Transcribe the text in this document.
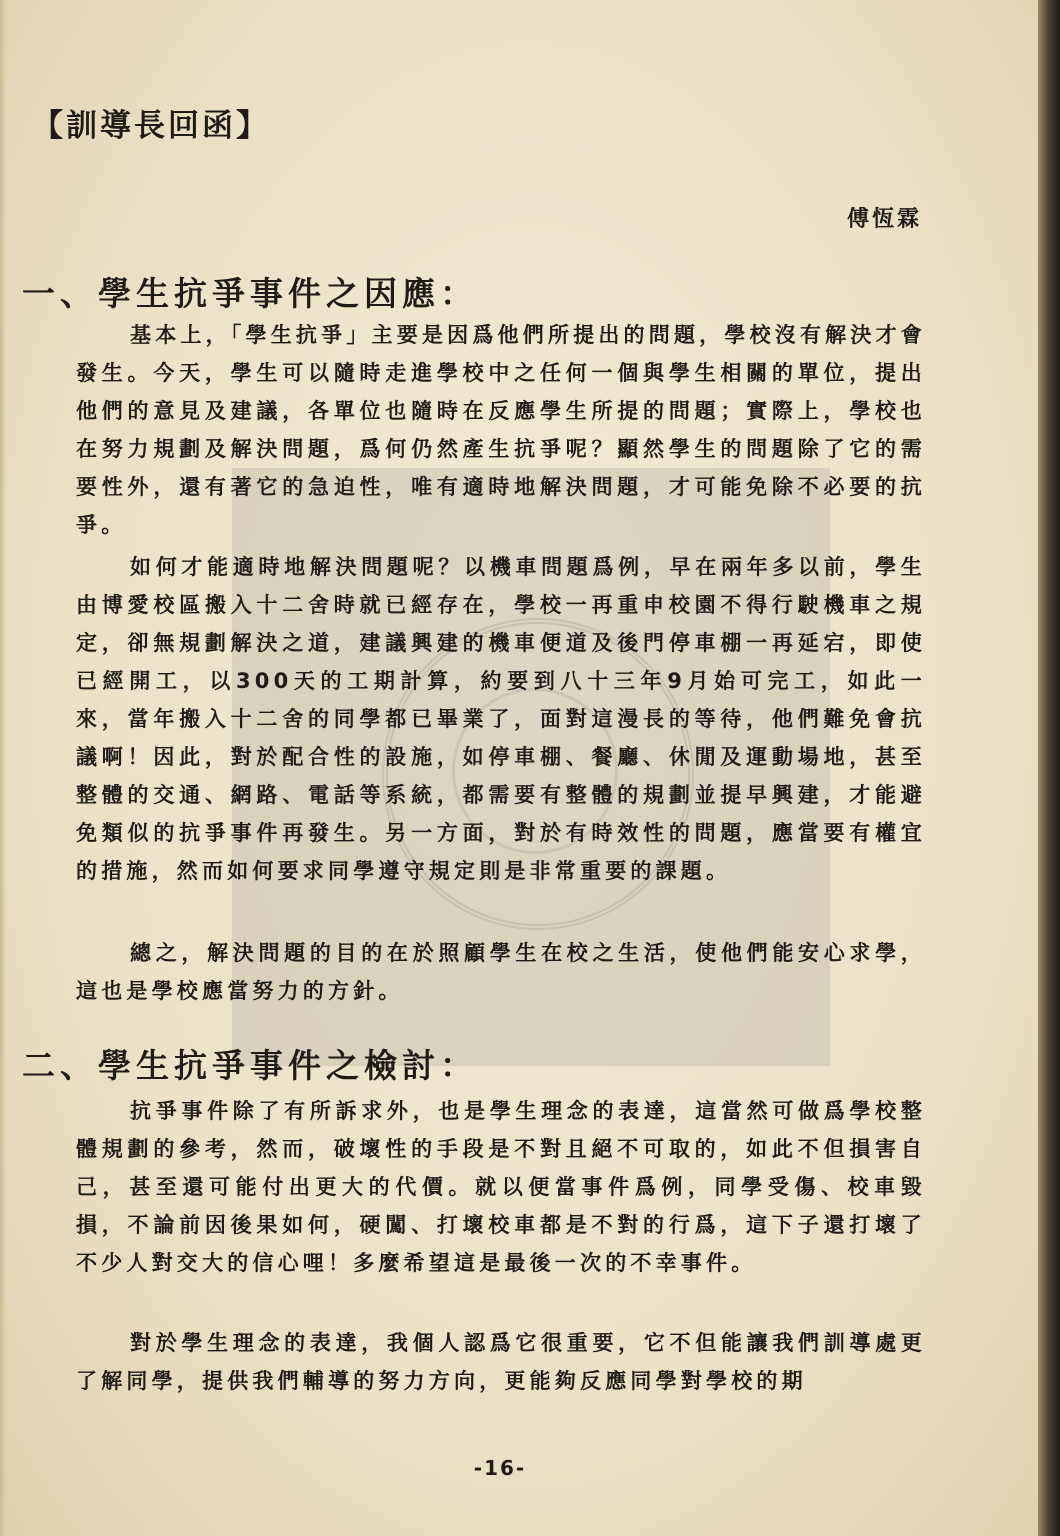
【訓導長回函】
傅恆霖
一、學生抗爭事件之因應：

基本上，「學生抗爭」主要是因爲他們所提出的問題，學校沒有解決才會發生。今天，學生可以隨時走進學校中之任何一個與學生相關的單位，提出他們的意見及建議，各單位也隨時在反應學生所提的問題；實際上，學校也在努力規劃及解決問題，爲何仍然產生抗爭呢？顯然學生的問題除了它的需要性外，還有著它的急迫性，唯有適時地解決問題，才可能免除不必要的抗爭。

如何才能適時地解決問題呢？以機車問題爲例，早在兩年多以前，學生由博愛校區搬入十二舍時就已經存在，學校一再重申校園不得行駛機車之規定，卻無規劃解決之道，建議興建的機車便道及後門停車棚一再延宕，即使已經開工，以300天的工期計算，約要到八十三年9月始可完工，如此一來，當年搬入十二舍的同學都已畢業了，面對這漫長的等待，他們難免會抗議啊！因此，對於配合性的設施，如停車棚、餐廳、休閒及運動場地，甚至整體的交通、網路、電話等系統，都需要有整體的規劃並提早興建，才能避免類似的抗爭事件再發生。另一方面，對於有時效性的問題，應當要有權宜的措施，然而如何要求同學遵守規定則是非常重要的課題。

總之，解決問題的目的在於照顧學生在校之生活，使他們能安心求學，這也是學校應當努力的方針。

二、學生抗爭事件之檢討：

抗爭事件除了有所訴求外，也是學生理念的表達，這當然可做爲學校整體規劃的參考，然而，破壞性的手段是不對且絕不可取的，如此不但損害自己，甚至還可能付出更大的代價。就以便當事件爲例，同學受傷、校車毀損，不論前因後果如何，硬闖、打壞校車都是不對的行爲，這下子還打壞了不少人對交大的信心哩！多麼希望這是最後一次的不幸事件。

對於學生理念的表達，我個人認爲它很重要，它不但能讓我們訓導處更了解同學，提供我們輔導的努力方向，更能夠反應同學對學校的期

-16-
